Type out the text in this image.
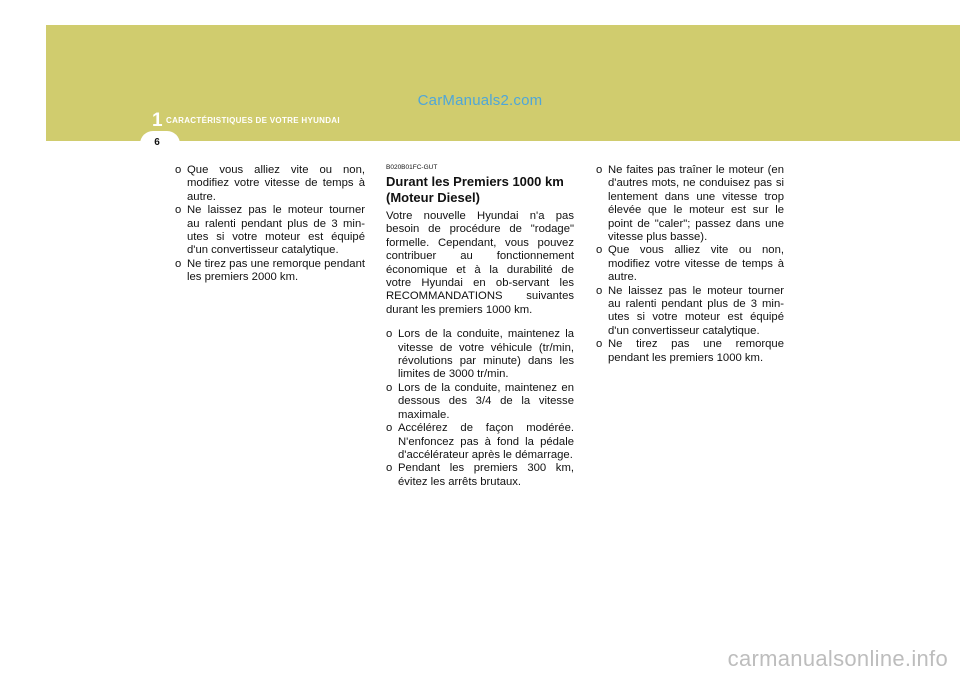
CarManuals2.com
1 CARACTÉRISTIQUES DE VOTRE HYUNDAI
6
o Que vous alliez vite ou non, modifiez votre vitesse de temps à autre.
o Ne laissez pas le moteur tourner au ralenti pendant plus de 3 min-utes si votre moteur est équipé d'un convertisseur catalytique.
o Ne tirez pas une remorque pendant les premiers 2000 km.
B020B01FC-GUT
Durant les Premiers 1000 km (Moteur Diesel)
Votre nouvelle Hyundai n'a pas besoin de procédure de "rodage" formelle. Cependant, vous pouvez contribuer au fonctionnement économique et à la durabilité de votre Hyundai en ob-servant les RECOMMANDATIONS suivantes durant les premiers 1000 km.
o Lors de la conduite, maintenez la vitesse de votre véhicule (tr/min, révolutions par minute) dans les limites de 3000 tr/min.
o Lors de la conduite, maintenez en dessous des 3/4 de la vitesse maximale.
o Accélérez de façon modérée. N'enfoncez pas à fond la pédale d'accélérateur après le démarrage.
o Pendant les premiers 300 km, évitez les arrêts brutaux.
o Ne faites pas traîner le moteur (en d'autres mots, ne conduisez pas si lentement dans une vitesse trop élevée que le moteur est sur le point de "caler"; passez dans une vitesse plus basse).
o Que vous alliez vite ou non, modifiez votre vitesse de temps à autre.
o Ne laissez pas le moteur tourner au ralenti pendant plus de 3 min-utes si votre moteur est équipé d'un convertisseur catalytique.
o Ne tirez pas une remorque pendant les premiers 1000 km.
carmanualsonline.info
